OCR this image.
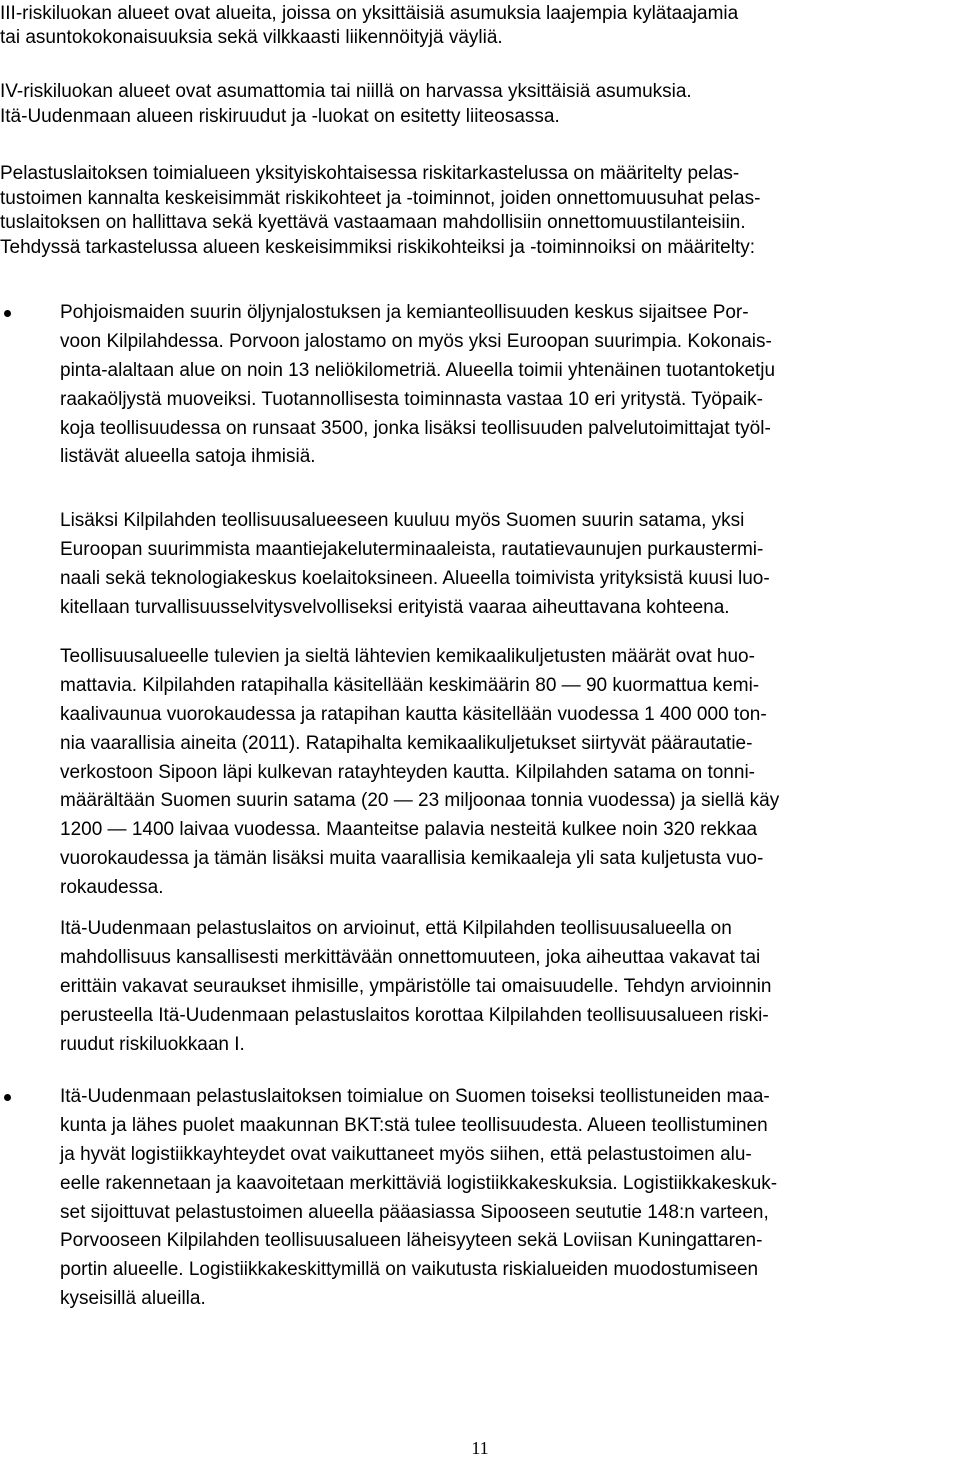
III-riskiluokan alueet ovat alueita, joissa on yksittäisiä asumuksia laajempia kylätaajamia
tai asuntokokonaisuuksia sekä vilkkaasti liikennöityjä väyliä.
IV-riskiluokan alueet ovat asumattomia tai niillä on harvassa yksittäisiä asumuksia.
Itä-Uudenmaan alueen riskiruudut ja -luokat on esitetty liiteosassa.
Pelastuslaitoksen toimialueen yksityiskohtaisessa riskitarkastelussa on määritelty pelas-
tustoimen kannalta keskeisimmät riskikohteet ja -toiminnot, joiden onnettomuusuhat pelas-
tuslaitoksen on hallittava sekä kyettävä vastaamaan mahdollisiin onnettomuustilanteisiin.
Tehdyssä tarkastelussa alueen keskeisimmiksi riskikohteiksi ja -toiminnoiksi on määritelty:
Pohjoismaiden suurin öljynjalostuksen ja kemianteollisuuden keskus sijaitsee Por-
voon Kilpilahdessa. Porvoon jalostamo on myös yksi Euroopan suurimpia. Kokonais-
pinta-alaltaan alue on noin 13 neliökilometriä. Alueella toimii yhtenäinen tuotantoketju
raakaöljystä muoveiksi. Tuotannollisesta toiminnasta vastaa 10 eri yritystä. Työpaik-
koja teollisuudessa on runsaat 3500, jonka lisäksi teollisuuden palvelutoimittajat työl-
listävät alueella satoja ihmisiä.
Lisäksi Kilpilahden teollisuusalueeseen kuuluu myös Suomen suurin satama, yksi
Euroopan suurimmista maantiejakeluterminaaleista, rautatievaunujen purkaustermi-
naali sekä teknologiakeskus koelaitoksineen. Alueella toimivista yrityksistä kuusi luo-
kitellaan turvallisuusselvitysvelvolliseksi erityistä vaaraa aiheuttavana kohteena.
Teollisuusalueelle tulevien ja sieltä lähtevien kemikaalikuljetusten määrät ovat huo-
mattavia. Kilpilahden ratapihalla käsitellään keskimäärin 80 — 90 kuormattua kemi-
kaalivaunua vuorokaudessa ja ratapihan kautta käsitellään vuodessa 1 400 000 ton-
nia vaarallisia aineita (2011). Ratapihalta kemikaalikuljetukset siirtyvät päärautatie-
verkostoon Sipoon läpi kulkevan ratayhteyden kautta. Kilpilahden satama on tonni-
määrältään Suomen suurin satama (20 — 23 miljoonaa tonnia vuodessa) ja siellä käy
1200 — 1400 laivaa vuodessa. Maanteitse palavia nesteitä kulkee noin 320 rekkaa
vuorokaudessa ja tämän lisäksi muita vaarallisia kemikaaleja yli sata kuljetusta vuo-
rokaudessa.
Itä-Uudenmaan pelastuslaitos on arvioinut, että Kilpilahden teollisuusalueella on
mahdollisuus kansallisesti merkittävään onnettomuuteen, joka aiheuttaa vakavat tai
erittäin vakavat seuraukset ihmisille, ympäristölle tai omaisuudelle. Tehdyn arvioinnin
perusteella Itä-Uudenmaan pelastuslaitos korottaa Kilpilahden teollisuusalueen riski-
ruudut riskiluokkaan I.
Itä-Uudenmaan pelastuslaitoksen toimialue on Suomen toiseksi teollistuneiden maa-
kunta ja lähes puolet maakunnan BKT:stä tulee teollisuudesta. Alueen teollistuminen
ja hyvät logistiikkayhteydet ovat vaikuttaneet myös siihen, että pelastustoimen alu-
eelle rakennetaan ja kaavoitetaan merkittäviä logistiikkakeskuksia. Logistiikkakeskuk-
set sijoittuvat pelastustoimen alueella pääasiassa Sipooseen seututie 148:n varteen,
Porvooseen Kilpilahden teollisuusalueen läheisyyteen sekä Loviisan Kuningattaren-
portin alueelle. Logistiikkakeskittymillä on vaikutusta riskialueiden muodostumiseen
kyseisillä alueilla.
11
